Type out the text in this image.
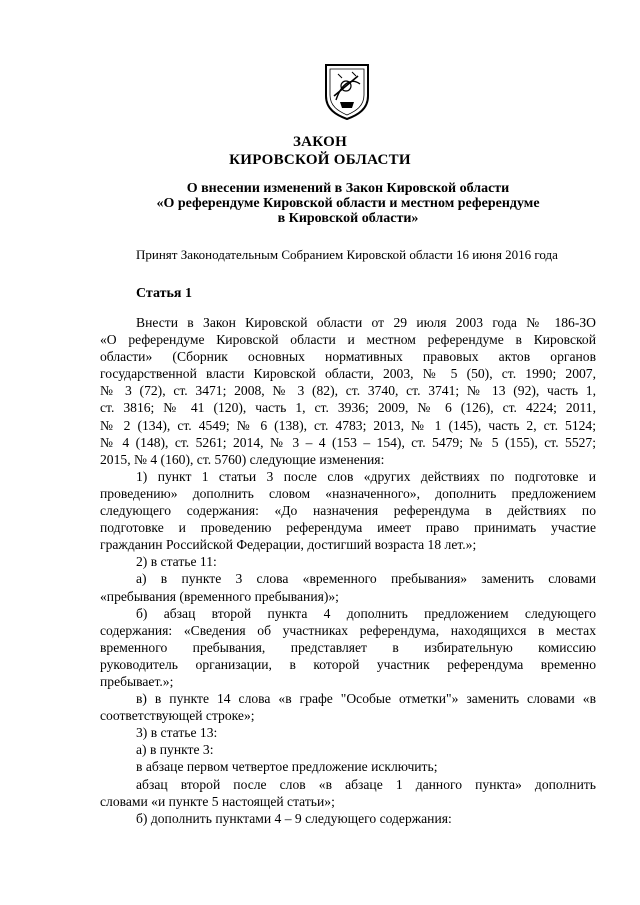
ЗАКОН
КИРОВСКОЙ ОБЛАСТИ
О внесении изменений в Закон Кировской области
«О референдуме Кировской области и местном референдуме
в Кировской области»
Принят Законодательным Собранием Кировской области 16 июня 2016 года
Статья 1
Внести в Закон Кировской области от 29 июля 2003 года № 186-ЗО
«О референдуме Кировской области и местном референдуме в Кировской
области» (Сборник основных нормативных правовых актов органов
государственной власти Кировской области, 2003, № 5 (50), ст. 1990; 2007,
№ 3 (72), ст. 3471; 2008, № 3 (82), ст. 3740, ст. 3741; № 13 (92), часть 1,
ст. 3816; № 41 (120), часть 1, ст. 3936; 2009, № 6 (126), ст. 4224; 2011,
№ 2 (134), ст. 4549; № 6 (138), ст. 4783; 2013, № 1 (145), часть 2, ст. 5124;
№ 4 (148), ст. 5261; 2014, № 3 – 4 (153 – 154), ст. 5479; № 5 (155), ст. 5527;
2015, № 4 (160), ст. 5760) следующие изменения:
1) пункт 1 статьи 3 после слов «других действиях по подготовке и
проведению» дополнить словом «назначенного», дополнить предложением
следующего содержания: «До назначения референдума в действиях по
подготовке и проведению референдума имеет право принимать участие
гражданин Российской Федерации, достигший возраста 18 лет.»;
2) в статье 11:
а) в пункте 3 слова «временного пребывания» заменить словами
«пребывания (временного пребывания)»;
б) абзац второй пункта 4 дополнить предложением следующего
содержания: «Сведения об участниках референдума, находящихся в местах
временного пребывания, представляет в избирательную комиссию
руководитель организации, в которой участник референдума временно
пребывает.»;
в) в пункте 14 слова «в графе "Особые отметки"» заменить словами «в
соответствующей строке»;
3) в статье 13:
а) в пункте 3:
в абзаце первом четвертое предложение исключить;
абзац второй после слов «в абзаце 1 данного пункта» дополнить
словами «и пункте 5 настоящей статьи»;
б) дополнить пунктами 4 – 9 следующего содержания:
